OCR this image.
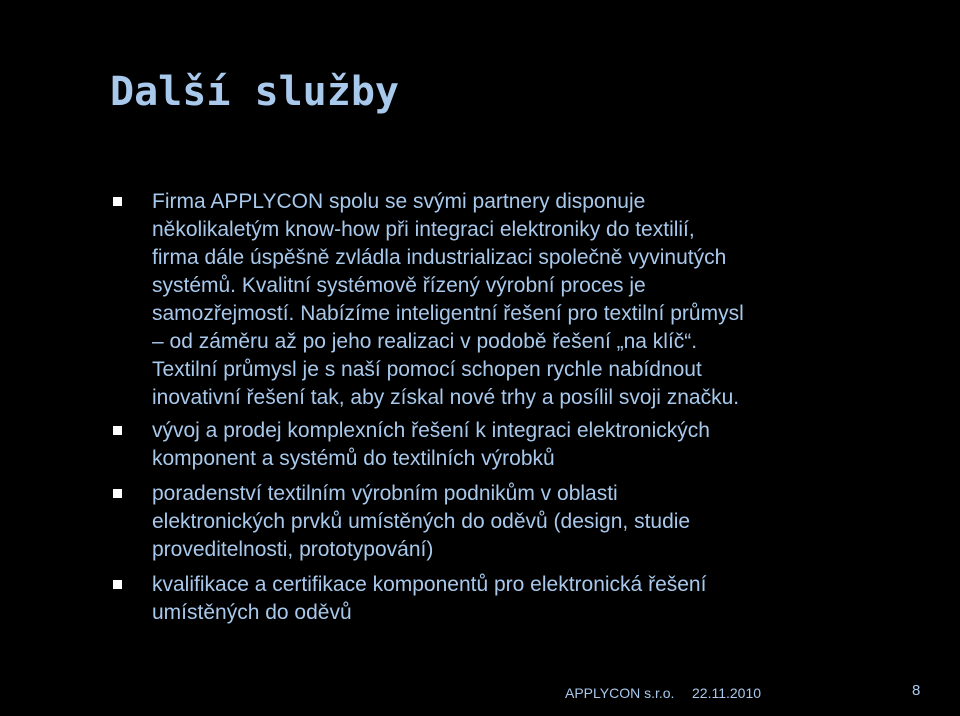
Další služby
Firma APPLYCON spolu se svými partnery disponuje
několikaletým know-how při integraci elektroniky do textilií,
firma dále úspěšně zvládla industrializaci společně vyvinutých
systémů. Kvalitní systémově řízený výrobní proces je
samozřejmostí. Nabízíme inteligentní řešení pro textilní průmysl
– od záměru až po jeho realizaci v podobě řešení „na klíč“.
Textilní průmysl je s naší pomocí schopen rychle nabídnout
inovativní řešení tak, aby získal nové trhy a posílil svoji značku.
vývoj a prodej komplexních řešení k integraci elektronických
komponent a systémů do textilních výrobků
poradenství textilním výrobním podnikům v oblasti
elektronických prvků umístěných do oděvů (design, studie
proveditelnosti, prototypování)
kvalifikace a certifikace komponentů pro elektronická řešení
umístěných do oděvů
APPLYCON s.r.o. 22.11.2010	8
